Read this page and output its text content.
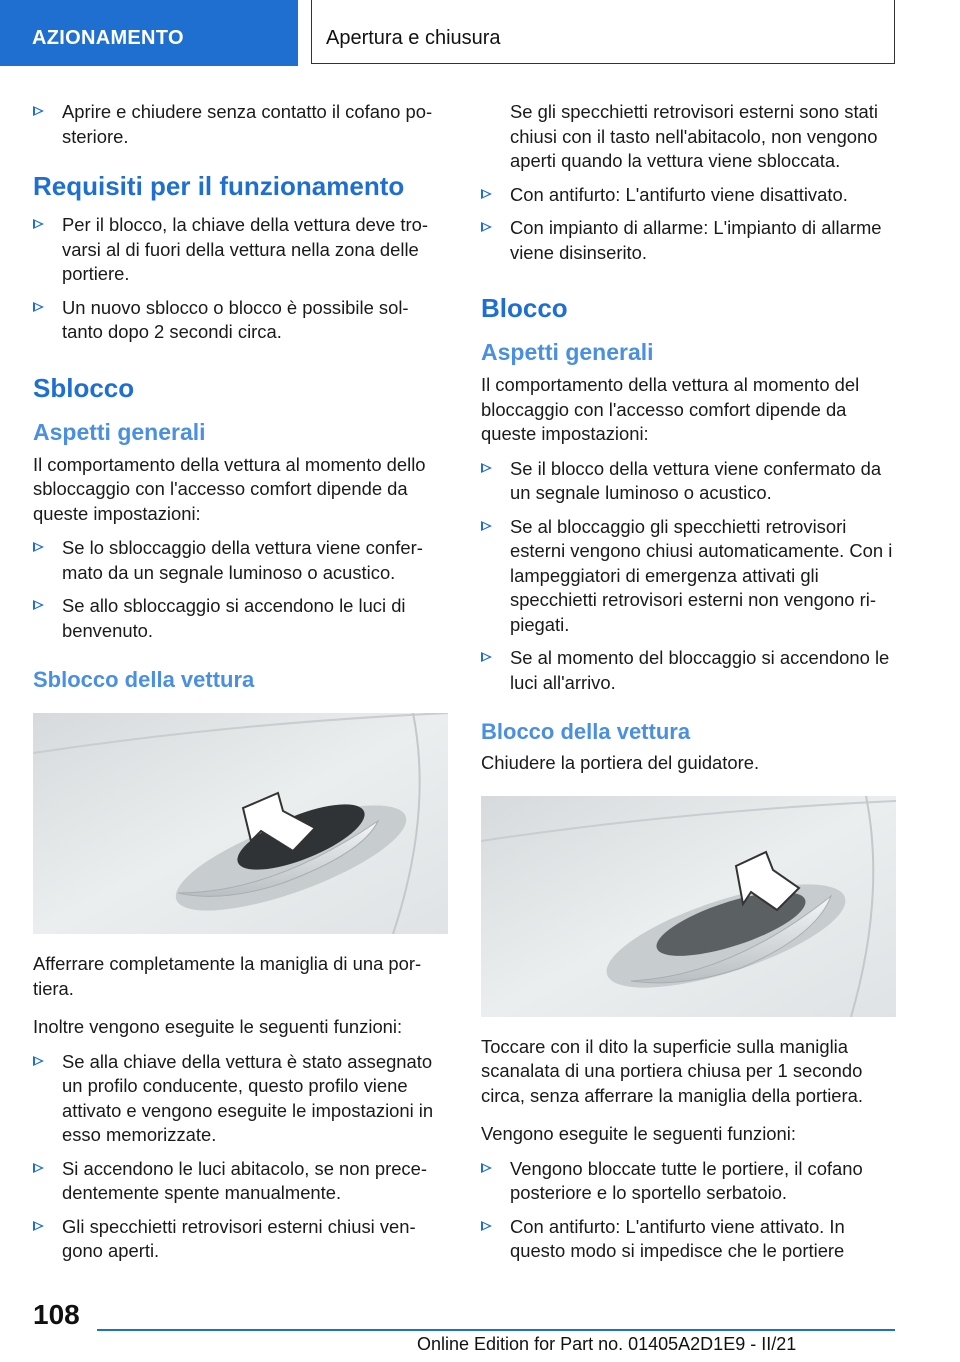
AZIONAMENTO	Apertura e chiusura
Aprire e chiudere senza contatto il cofano po‐steriore.
Requisiti per il funzionamento
Per il blocco, la chiave della vettura deve tro‐varsi al di fuori della vettura nella zona delle portiere.
Un nuovo sblocco o blocco è possibile sol‐tanto dopo 2 secondi circa.
Sblocco
Aspetti generali
Il comportamento della vettura al momento dello sbloccaggio con l'accesso comfort dipende da queste impostazioni:
Se lo sbloccaggio della vettura viene confer‐mato da un segnale luminoso o acustico.
Se allo sbloccaggio si accendono le luci di benvenuto.
Sblocco della vettura
Afferrare completamente la maniglia di una por‐tiera.
Inoltre vengono eseguite le seguenti funzioni:
Se alla chiave della vettura è stato assegnato un profilo conducente, questo profilo viene attivato e vengono eseguite le impostazioni in esso memorizzate.
Si accendono le luci abitacolo, se non prece‐dentemente spente manualmente.
Gli specchietti retrovisori esterni chiusi ven‐gono aperti.
Se gli specchietti retrovisori esterni sono stati chiusi con il tasto nell'abitacolo, non vengono aperti quando la vettura viene sbloccata.
Con antifurto: L'antifurto viene disattivato.
Con impianto di allarme: L'impianto di allarme viene disinserito.
Blocco
Aspetti generali
Il comportamento della vettura al momento del bloccaggio con l'accesso comfort dipende da queste impostazioni:
Se il blocco della vettura viene confermato da un segnale luminoso o acustico.
Se al bloccaggio gli specchietti retrovisori esterni vengono chiusi automaticamente. Con i lampeggiatori di emergenza attivati gli specchietti retrovisori esterni non vengono ri‐piegati.
Se al momento del bloccaggio si accendono le luci all'arrivo.
Blocco della vettura
Chiudere la portiera del guidatore.
Toccare con il dito la superficie sulla maniglia scanalata di una portiera chiusa per 1 secondo circa, senza afferrare la maniglia della portiera.
Vengono eseguite le seguenti funzioni:
Vengono bloccate tutte le portiere, il cofano posteriore e lo sportello serbatoio.
Con antifurto: L'antifurto viene attivato. In questo modo si impedisce che le portiere
108
Online Edition for Part no. 01405A2D1E9 - II/21
